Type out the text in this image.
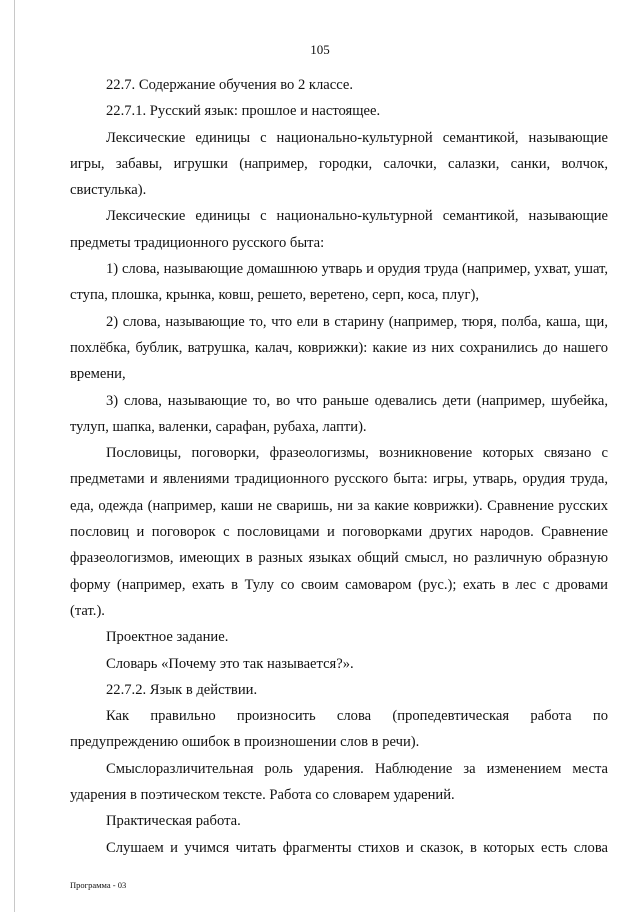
105

22.7. Содержание обучения во 2 классе.

22.7.1. Русский язык: прошлое и настоящее.

Лексические единицы с национально-культурной семантикой, называющие игры, забавы, игрушки (например, городки, салочки, салазки, санки, волчок, свистулька).

Лексические единицы с национально-культурной семантикой, называющие предметы традиционного русского быта:

1) слова, называющие домашнюю утварь и орудия труда (например, ухват, ушат, ступа, плошка, крынка, ковш, решето, веретено, серп, коса, плуг),

2) слова, называющие то, что ели в старину (например, тюря, полба, каша, щи, похлёбка, бублик, ватрушка, калач, коврижки): какие из них сохранились до нашего времени,

3) слова, называющие то, во что раньше одевались дети (например, шубейка, тулуп, шапка, валенки, сарафан, рубаха, лапти).

Пословицы, поговорки, фразеологизмы, возникновение которых связано с предметами и явлениями традиционного русского быта: игры, утварь, орудия труда, еда, одежда (например, каши не сваришь, ни за какие коврижки). Сравнение русских пословиц и поговорок с пословицами и поговорками других народов. Сравнение фразеологизмов, имеющих в разных языках общий смысл, но различную образную форму (например, ехать в Тулу со своим самоваром (рус.); ехать в лес с дровами (тат.).

Проектное задание.

Словарь «Почему это так называется?».

22.7.2. Язык в действии.

Как правильно произносить слова (пропедевтическая работа по предупреждению ошибок в произношении слов в речи).

Смыслоразличительная роль ударения. Наблюдение за изменением места ударения в поэтическом тексте. Работа со словарем ударений.

Практическая работа.

Слушаем и учимся читать фрагменты стихов и сказок, в которых есть слова

Программа - 03
